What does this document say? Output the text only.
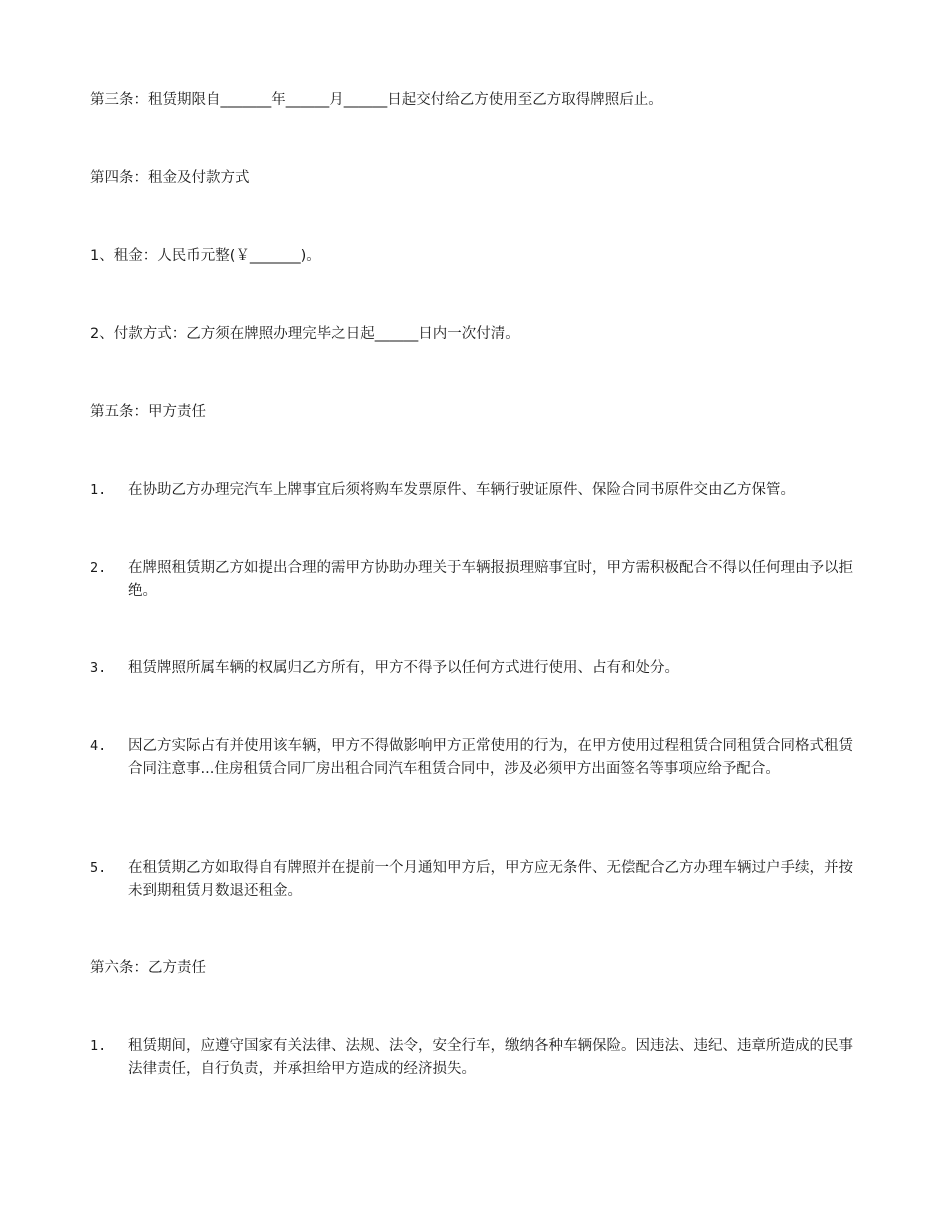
第三条：租赁期限自_______年______月______日起交付给乙方使用至乙方取得牌照后止。
第四条：租金及付款方式
1、租金：人民币元整(￥_______)。
2、付款方式：乙方须在牌照办理完毕之日起______日内一次付清。
第五条：甲方责任
1. 在协助乙方办理完汽车上牌事宜后须将购车发票原件、车辆行驶证原件、保险合同书原件交由乙方保管。
2. 在牌照租赁期乙方如提出合理的需甲方协助办理关于车辆报损理赔事宜时，甲方需积极配合不得以任何理由予以拒绝。
3. 租赁牌照所属车辆的权属归乙方所有，甲方不得予以任何方式进行使用、占有和处分。
4. 因乙方实际占有并使用该车辆，甲方不得做影响甲方正常使用的行为，在甲方使用过程租赁合同租赁合同格式租赁合同注意事...住房租赁合同厂房出租合同汽车租赁合同中，涉及必须甲方出面签名等事项应给予配合。
5. 在租赁期乙方如取得自有牌照并在提前一个月通知甲方后，甲方应无条件、无偿配合乙方办理车辆过户手续，并按未到期租赁月数退还租金。
第六条：乙方责任
1. 租赁期间，应遵守国家有关法律、法规、法令，安全行车，缴纳各种车辆保险。因违法、违纪、违章所造成的民事法律责任，自行负责，并承担给甲方造成的经济损失。
